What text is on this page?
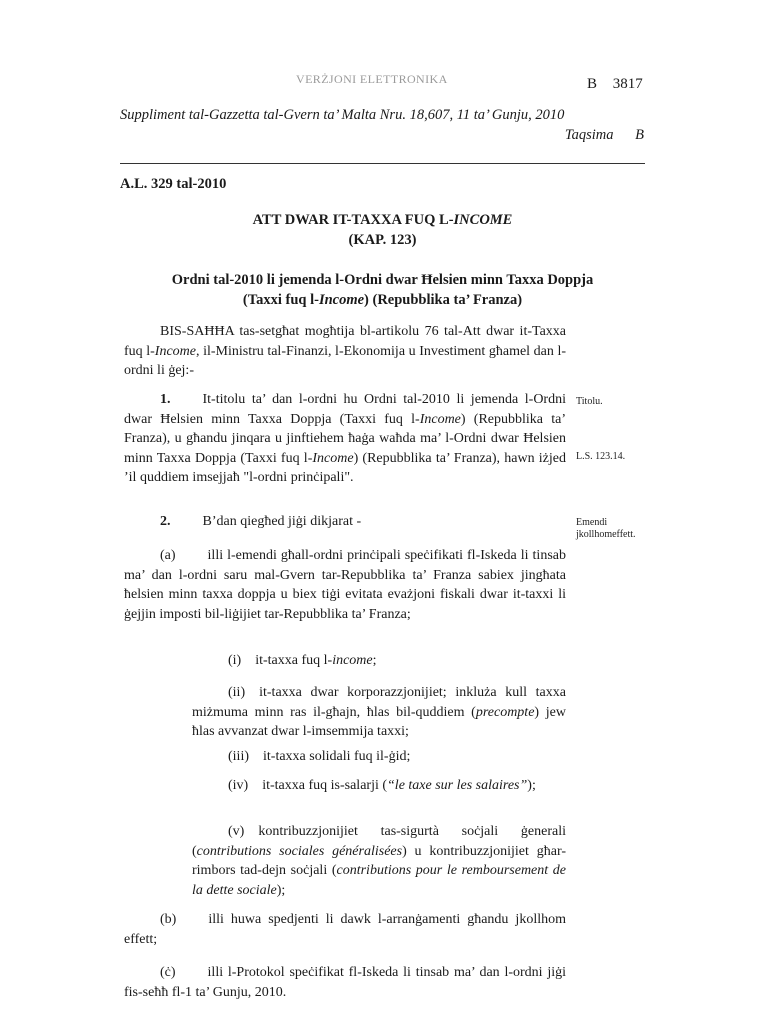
VERŻJONI ELETTRONIKA	B 3817
Suppliment tal-Gazzetta tal-Gvern ta’ Malta Nru. 18,607, 11 ta’ Gunju, 2010
Taqsima B
A.L. 329 tal-2010
ATT DWAR IT-TAXXA FUQ L-INCOME
(KAP. 123)
Ordni tal-2010 li jemenda l-Ordni dwar Ħelsien minn Taxxa Doppja
(Taxxi fuq l-Income) (Repubblika ta’ Franza)
BIS-SAĦĦA tas-setgħat mogħtija bl-artikolu 76 tal-Att dwar it-Taxxa fuq l-Income, il-Ministru tal-Finanzi, l-Ekonomija u Investiment għamel dan l-ordni li ġej:-
1. It-titolu ta’ dan l-ordni hu Ordni tal-2010 li jemenda l-Ordni dwar Ħelsien minn Taxxa Doppja (Taxxi fuq l-Income) (Repubblika ta’ Franza), u għandu jinqara u jinftiehem ħaġa waħda ma’ l-Ordni dwar Ħelsien minn Taxxa Doppja (Taxxi fuq l-Income) (Repubblika ta’ Franza), hawn iżjed ’il quddiem imsejjaħ "l-ordni prinċipali".
2. B’dan qiegħed jiġi dikjarat -
(a) illi l-emendi għall-ordni prinċipali speċifikati fl-Iskeda li tinsab ma’ dan l-ordni saru mal-Gvern tar-Repubblika ta’ Franza sabiex jingħata ħelsien minn taxxa doppja u biex tiġi evitata evażjoni fiskali dwar it-taxxi li ġejjin imposti bil-liġijiet tar-Repubblika ta’ Franza;
(i) it-taxxa fuq l-income;
(ii) it-taxxa dwar korporazzjonijiet; inkluża kull taxxa miżmuma minn ras il-għajn, ħlas bil-quddiem (precompte) jew ħlas avvanzat dwar l-imsemmija taxxi;
(iii) it-taxxa solidali fuq il-ġid;
(iv) it-taxxa fuq is-salarji (“le taxe sur les salaires”);
(v) kontribuzzjonijiet tas-sigurtà soċjali ġenerali (contributions sociales généralisées) u kontribuzzjonijiet għar-rimbors tad-dejn soċjali (contributions pour le remboursement de la dette sociale);
(b) illi huwa spedjenti li dawk l-arranġamenti għandu jkollhom effett;
(ċ) illi l-Protokol speċifikat fl-Iskeda li tinsab ma’ dan l-ordni jiġi fis-seħħ fl-1 ta’ Gunju, 2010.
Titolu.
L.S. 123.14.
Emendi
jkollhomeffett.
